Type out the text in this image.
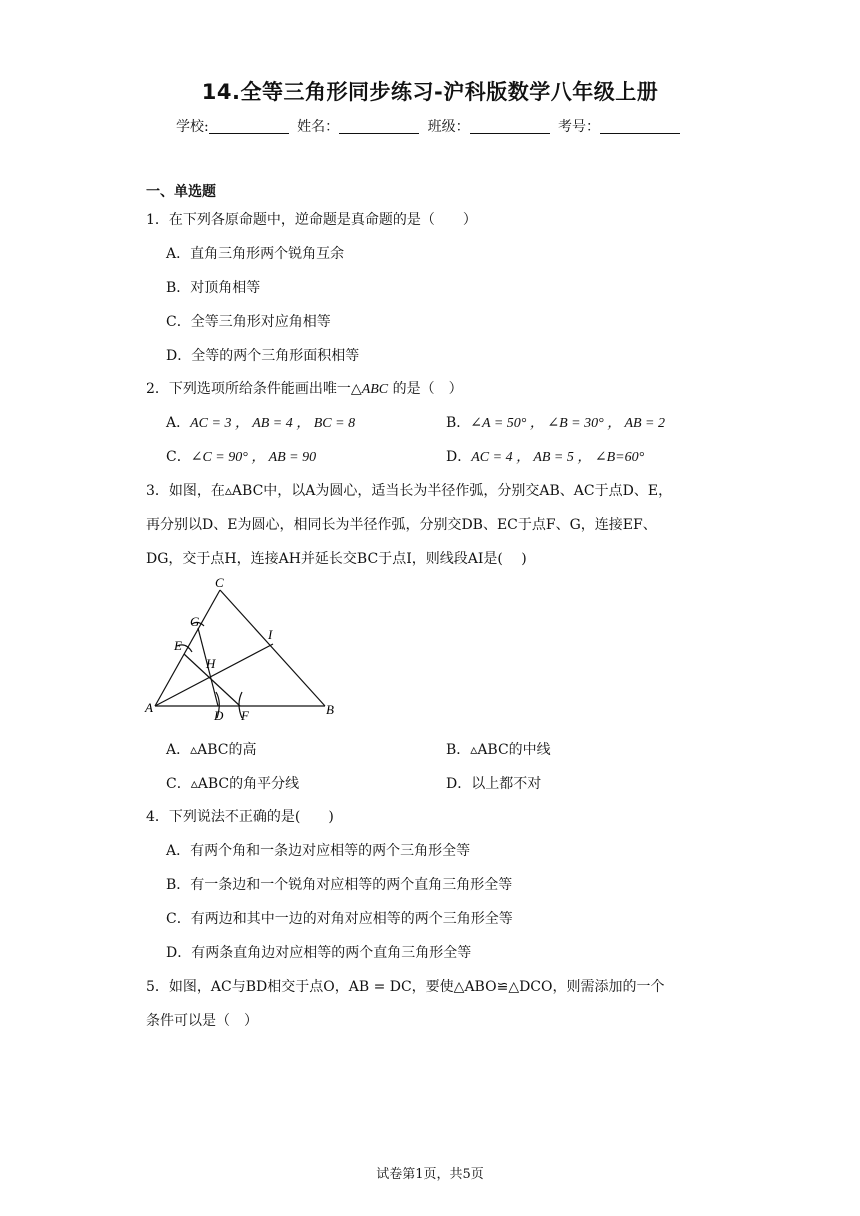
14.全等三角形同步练习-沪科版数学八年级上册
学校:	姓名：	班级：	考号：
一、单选题
1．在下列各原命题中，逆命题是真命题的是（　　）
A．直角三角形两个锐角互余
B．对顶角相等
C．全等三角形对应角相等
D．全等的两个三角形面积相等
2．下列选项所给条件能画出唯一△ABC 的是（　）
A．AC = 3 ， AB = 4 ， BC = 8	B．∠A = 50° ， ∠B = 30° ， AB = 2
C．∠C = 90° ， AB = 90	D．AC = 4 ， AB = 5 ， ∠B=60°
3．如图，在▵ABC中，以A为圆心，适当长为半径作弧，分别交AB、AC于点D、E，
再分别以D、E为圆心，相同长为半径作弧，分别交DB、EC于点F、G，连接EF、
DG，交于点H，连接AH并延长交BC于点I，则线段AI是(　 )
C
G
I
E
H
A
D F	B
A．▵ABC的高	B．▵ABC的中线
C．▵ABC的角平分线	D．以上都不对
4．下列说法不正确的是(　　)
A．有两个角和一条边对应相等的两个三角形全等
B．有一条边和一个锐角对应相等的两个直角三角形全等
C．有两边和其中一边的对角对应相等的两个三角形全等
D．有两条直角边对应相等的两个直角三角形全等
5．如图，AC与BD相交于点O，AB = DC，要使△ABO≌△DCO，则需添加的一个
条件可以是（　）
试卷第1页，共5页
